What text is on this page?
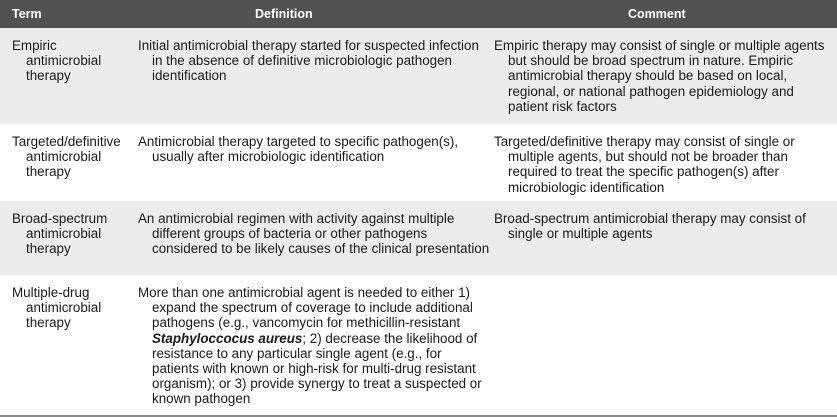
Term	Definition	Comment
Empiric antimicrobial therapy
Initial antimicrobial therapy started for suspected infection in the absence of definitive microbiologic pathogen identification
Empiric therapy may consist of single or multiple agents but should be broad spectrum in nature. Empiric antimicrobial therapy should be based on local, regional, or national pathogen epidemiology and patient risk factors
Targeted/definitive antimicrobial therapy
Antimicrobial therapy targeted to specific pathogen(s), usually after microbiologic identification
Targeted/definitive therapy may consist of single or multiple agents, but should not be broader than required to treat the specific pathogen(s) after microbiologic identification
Broad-spectrum antimicrobial therapy
An antimicrobial regimen with activity against multiple different groups of bacteria or other pathogens considered to be likely causes of the clinical presentation
Broad-spectrum antimicrobial therapy may consist of single or multiple agents
Multiple-drug antimicrobial therapy
More than one antimicrobial agent is needed to either 1) expand the spectrum of coverage to include additional pathogens (e.g., vancomycin for methicillin-resistant Staphyloccocus aureus; 2) decrease the likelihood of resistance to any particular single agent (e.g., for patients with known or high-risk for multi-drug resistant organism); or 3) provide synergy to treat a suspected or known pathogen
